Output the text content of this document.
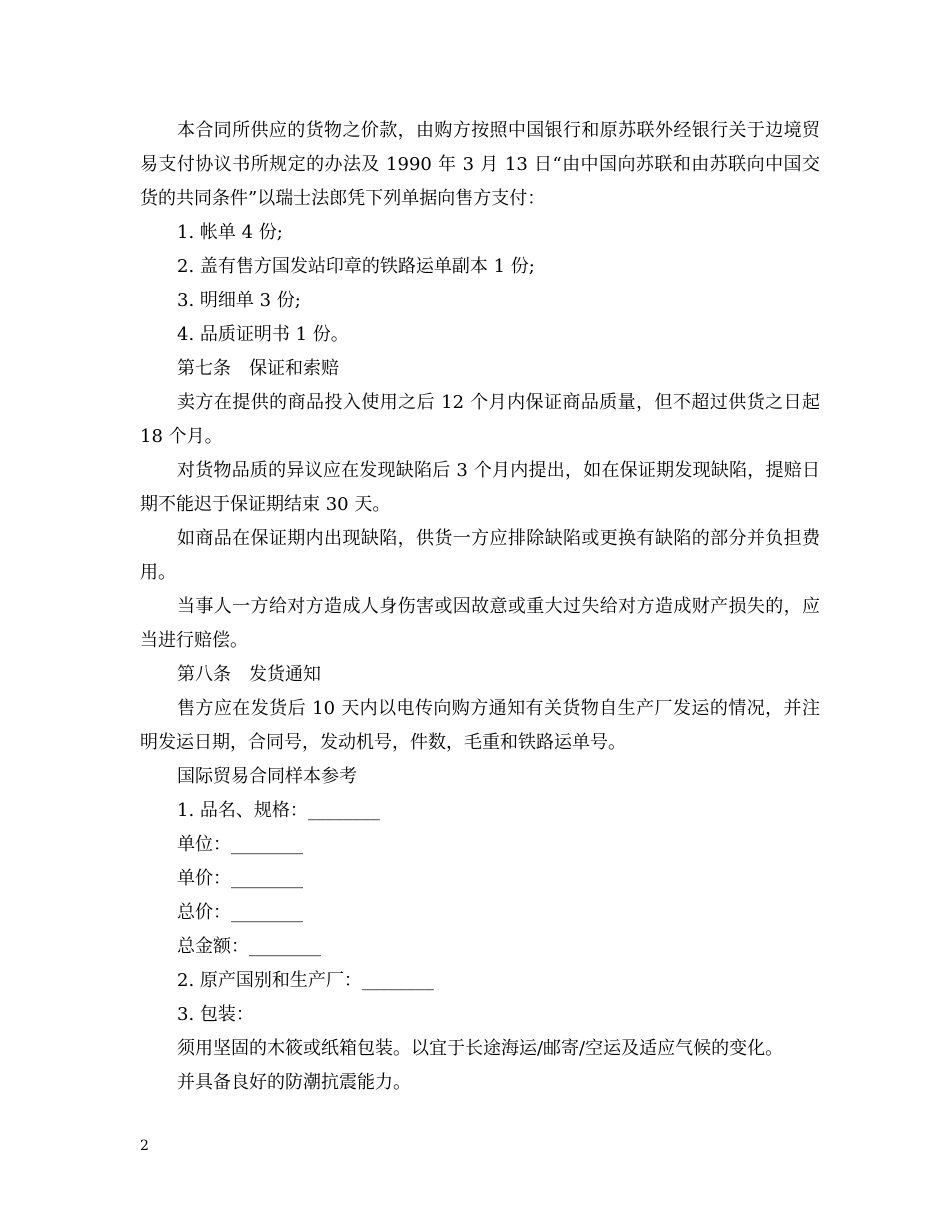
本合同所供应的货物之价款，由购方按照中国银行和原苏联外经银行关于边境贸易支付协议书所规定的办法及 1990 年 3 月 13 日“由中国向苏联和由苏联向中国交货的共同条件”以瑞士法郎凭下列单据向售方支付：

1. 帐单 4 份;

2. 盖有售方国发站印章的铁路运单副本 1 份;

3. 明细单 3 份;

4. 品质证明书 1 份。

第七条　保证和索赔

卖方在提供的商品投入使用之后 12 个月内保证商品质量，但不超过供货之日起 18 个月。

对货物品质的异议应在发现缺陷后 3 个月内提出，如在保证期发现缺陷，提赔日期不能迟于保证期结束 30 天。

如商品在保证期内出现缺陷，供货一方应排除缺陷或更换有缺陷的部分并负担费用。

当事人一方给对方造成人身伤害或因故意或重大过失给对方造成财产损失的，应当进行赔偿。

第八条　发货通知

售方应在发货后 10 天内以电传向购方通知有关货物自生产厂发运的情况，并注明发运日期，合同号，发动机号，件数，毛重和铁路运单号。

国际贸易合同样本参考

1. 品名、规格：________

单位：________

单价：________

总价：________

总金额：________

2. 原产国别和生产厂：________

3. 包装：

须用坚固的木筱或纸箱包装。以宜于长途海运/邮寄/空运及适应气候的变化。

并具备良好的防潮抗震能力。

2
